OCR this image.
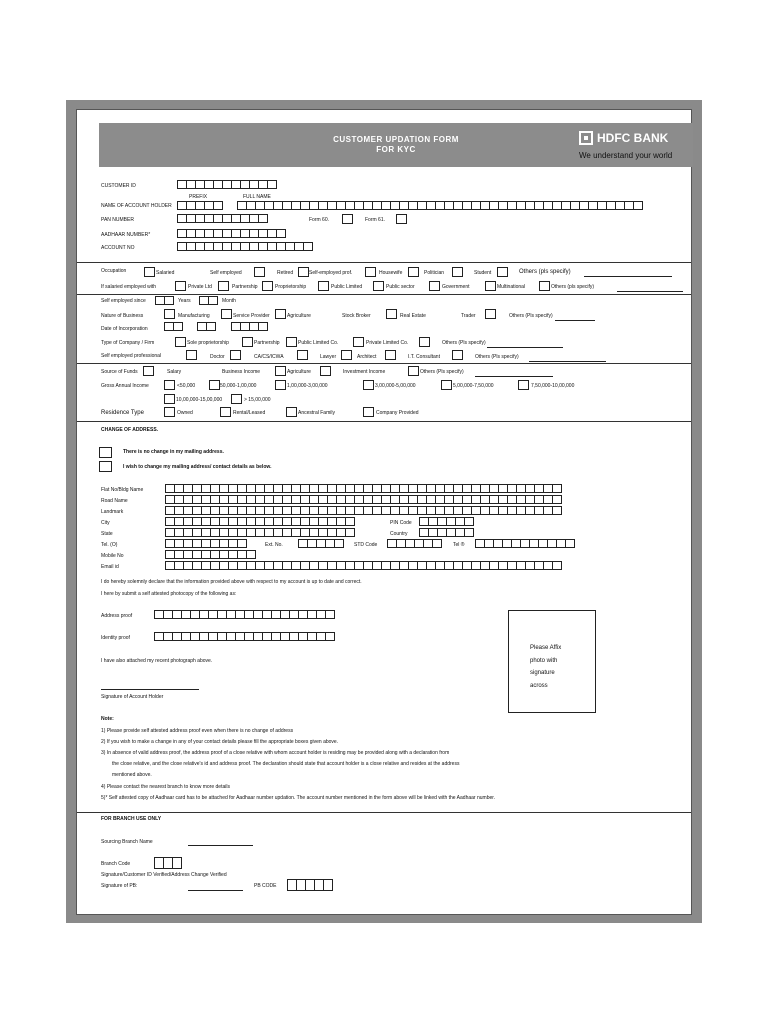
CUSTOMER UPDATION FORM
FOR KYC
HDFC BANK
We understand your world
CUSTOMER ID
PREFIX	FULL NAME
NAME OF ACCOUNT HOLDER
PAN NUMBER	Form 60.	Form 61.
AADHAAR NUMBER*
ACCOUNT NO
Occupation	Salaried	Self employed	Retired	Self-employed prof.	Housewife	Politician	Student	Others (pls specify)
If salaried employed with	Private Ltd	Partnership	Proprietorship	Public Limited	Public sector	Government	Multinational	Others (pls specify)
Self employed since	Years	Month
Nature of Business	Manufacturing	Service Provider	Agriculture	Stock Broker	Real Estate	Trader	Others (Pls specify)
Date of Incorporation
Type of Company / Firm	Sole proprietorship	Partnership	Public Limited Co.	Private Limited Co.	Others (Pls specify)
Self employed professional	Doctor	CA/CS/ICWA	Lawyer	Architect	I.T. Consultant	Others (Pls specify)
Source of Funds	Salary	Business Income	Agriculture	Investment Income	Others (Pls specify)
Gross Annual Income	<50,000	50,000-1,00,000	1,00,000-3,00,000	3,00,000-5,00,000	5,00,000-7,50,000	7,50,000-10,00,000
10,00,000-15,00,000	> 15,00,000
Residence Type	Owned	Rental/Leased	Ancestral Family	Company Provided
CHANGE OF ADDRESS.
There is no change in my mailing address.
I wish to change my mailing address/ contact details as below.
Flat No/Bldg Name
Road Name
Landmark
City	PIN Code
State	Country
Tel. (O)	Ext. No.	STD Code	Tel ®
Mobile No
Email id
I do hereby solemnly declare that the information provided above with respect to my account is up to date and correct.
I here by submit a self attested photocopy of the following as:
Address proof
Identity proof
I have also attached my recent photograph above.
Signature of Account Holder
Please Affix
photo with
signature
across
Note:
1) Please provide self attested address proof even when there is no change of address
2) If you wish to make a change in any of your contact details please fill the appropriate boxes given above.
3) In absence of valid address proof, the address proof of a close relative with whom account holder is residing may be provided along with a declaration from
the close relative, and the close relative's id and address proof. The declaration should state that account holder is a close relative and resides at the address
mentioned above.
4) Please contact the nearest branch to know more details
5)* Self attested copy of Aadhaar card has to be attached for Aadhaar number updation. The account number mentioned in the form above will be linked with the Aadhaar number.
FOR BRANCH USE ONLY
Sourcing Branch Name
Branch Code
Signature/Customer ID Verified/Address Change Verified
Signature of PB:	PB CODE
